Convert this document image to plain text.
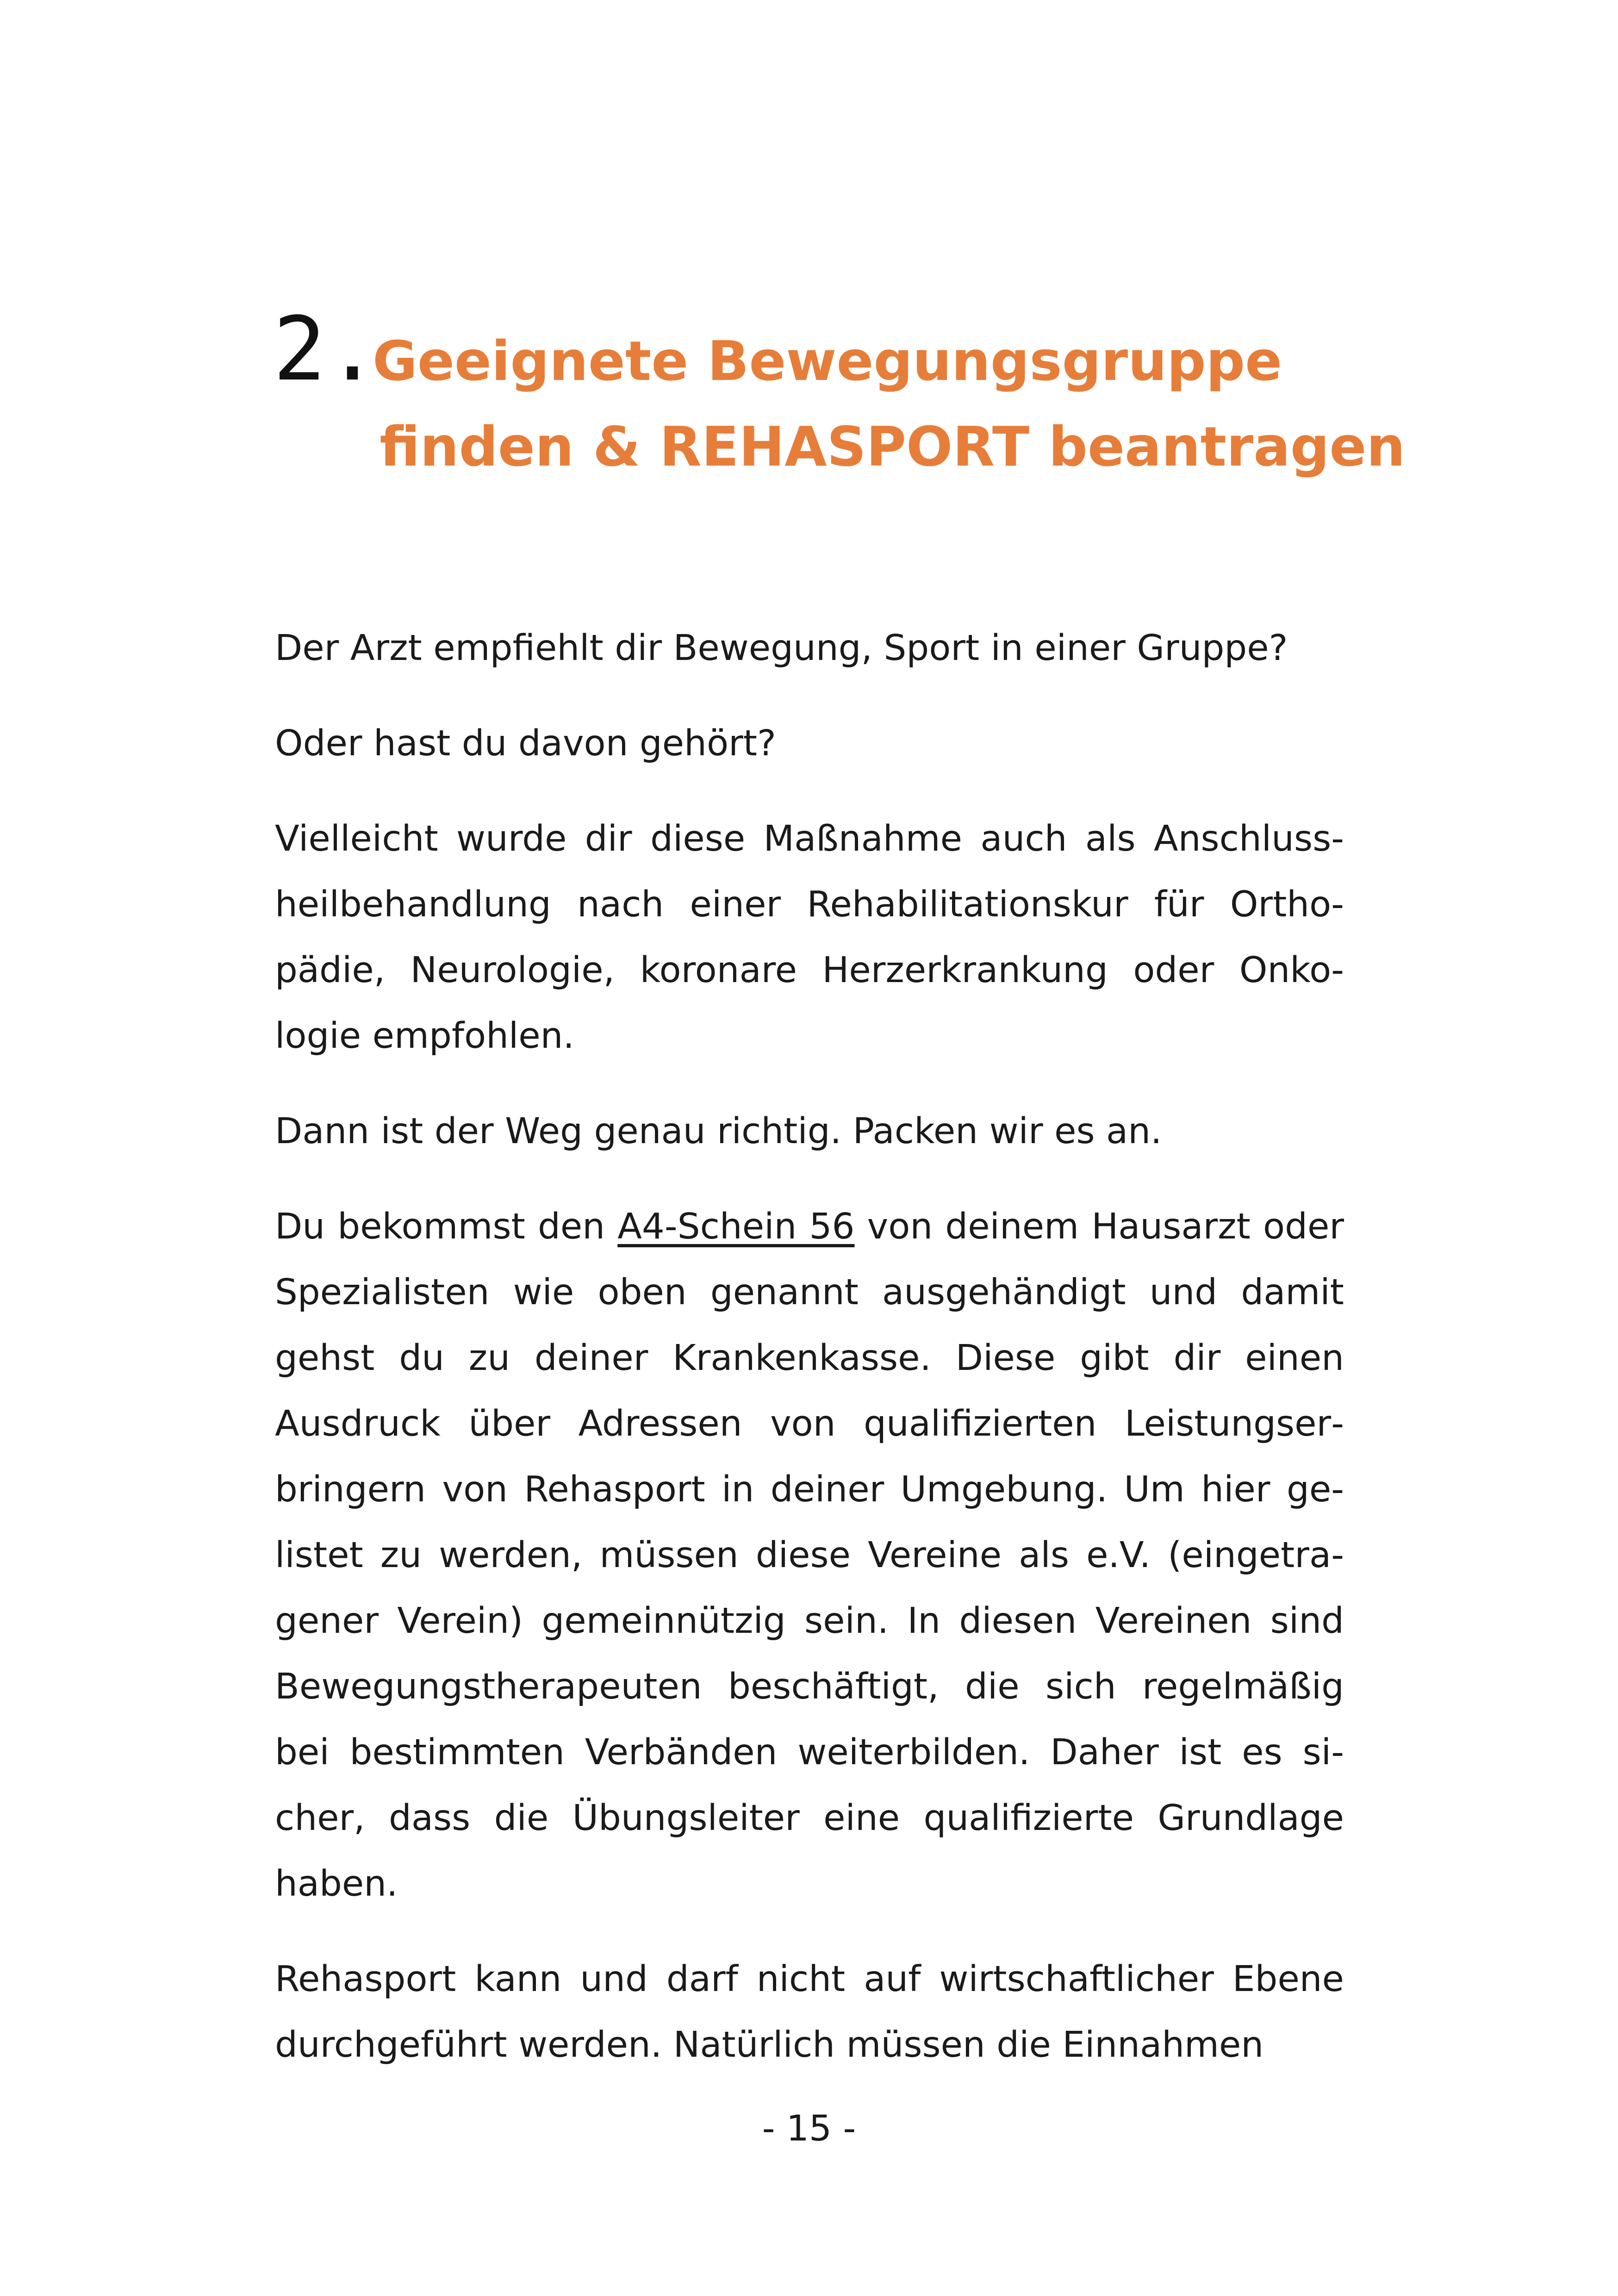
2.
Geeignete Bewegungsgruppe
finden & REHASPORT beantragen

Der Arzt empfiehlt dir Bewegung, Sport in einer Gruppe?

Oder hast du davon gehört?

Vielleicht wurde dir diese Maßnahme auch als Anschlussheilbehandlung nach einer Rehabilitationskur für Orthopädie, Neurologie, koronare Herzerkrankung oder Onkologie empfohlen.

Dann ist der Weg genau richtig. Packen wir es an.

Du bekommst den A4-Schein 56 von deinem Hausarzt oder Spezialisten wie oben genannt ausgehändigt und damit gehst du zu deiner Krankenkasse. Diese gibt dir einen Ausdruck über Adressen von qualifizierten Leistungserbringern von Rehasport in deiner Umgebung. Um hier gelistet zu werden, müssen diese Vereine als e.V. (eingetragener Verein) gemeinnützig sein. In diesen Vereinen sind Bewegungstherapeuten beschäftigt, die sich regelmäßig bei bestimmten Verbänden weiterbilden. Daher ist es sicher, dass die Übungsleiter eine qualifizierte Grundlage haben.

Rehasport kann und darf nicht auf wirtschaftlicher Ebene durchgeführt werden. Natürlich müssen die Einnahmen

- 15 -
